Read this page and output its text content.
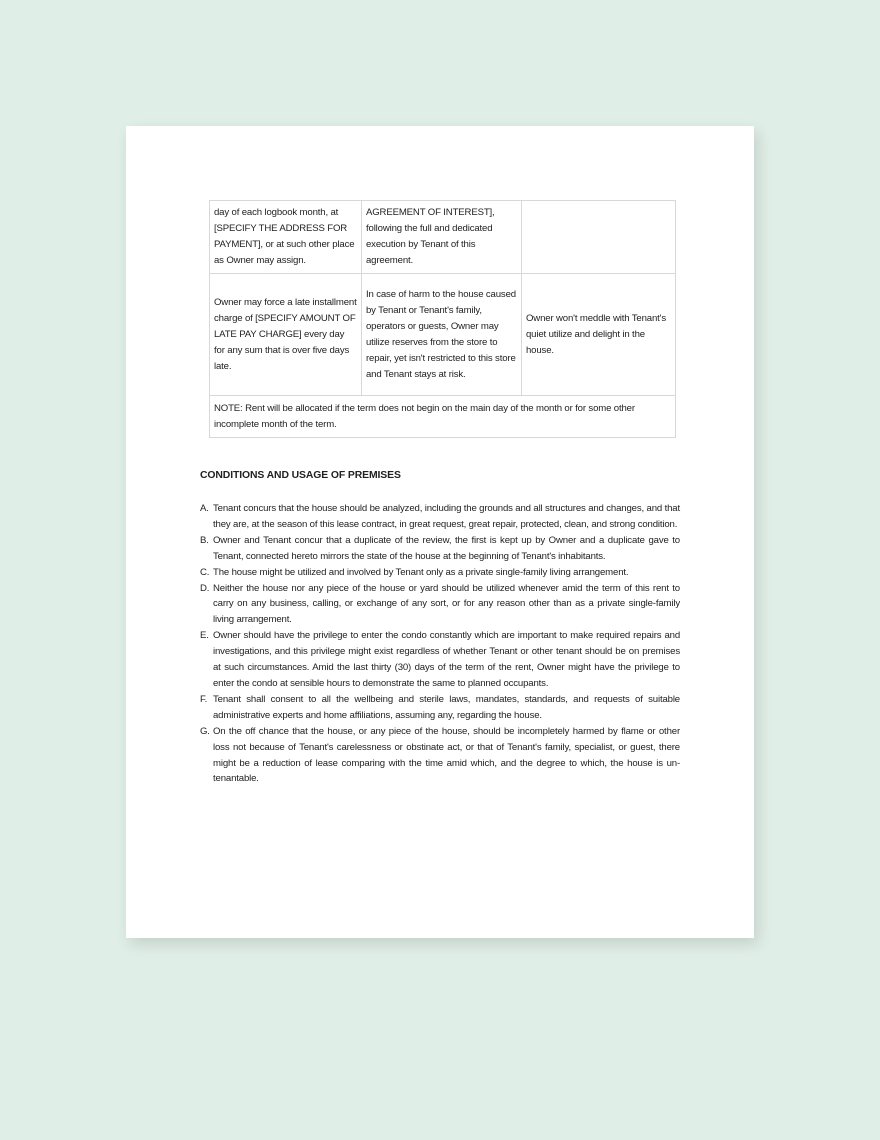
day of each logbook month, at [SPECIFY THE ADDRESS FOR PAYMENT], or at such other place as Owner may assign.	AGREEMENT OF INTEREST], following the full and dedicated execution by Tenant of this agreement.	
Owner may force a late installment charge of [SPECIFY AMOUNT OF LATE PAY CHARGE] every day for any sum that is over five days late.	In case of harm to the house caused by Tenant or Tenant's family, operators or guests, Owner may utilize reserves from the store to repair, yet isn't restricted to this store and Tenant stays at risk.	Owner won't meddle with Tenant's quiet utilize and delight in the house.
NOTE: Rent will be allocated if the term does not begin on the main day of the month or for some other incomplete month of the term.		
CONDITIONS AND USAGE OF PREMISES
A. Tenant concurs that the house should be analyzed, including the grounds and all structures and changes, and that they are, at the season of this lease contract, in great request, great repair, protected, clean, and strong condition.
B. Owner and Tenant concur that a duplicate of the review, the first is kept up by Owner and a duplicate gave to Tenant, connected hereto mirrors the state of the house at the beginning of Tenant's inhabitants.
C. The house might be utilized and involved by Tenant only as a private single-family living arrangement.
D. Neither the house nor any piece of the house or yard should be utilized whenever amid the term of this rent to carry on any business, calling, or exchange of any sort, or for any reason other than as a private single-family living arrangement.
E. Owner should have the privilege to enter the condo constantly which are important to make required repairs and investigations, and this privilege might exist regardless of whether Tenant or other tenant should be on premises at such circumstances. Amid the last thirty (30) days of the term of the rent, Owner might have the privilege to enter the condo at sensible hours to demonstrate the same to planned occupants.
F. Tenant shall consent to all the wellbeing and sterile laws, mandates, standards, and requests of suitable administrative experts and home affiliations, assuming any, regarding the house.
G. On the off chance that the house, or any piece of the house, should be incompletely harmed by flame or other loss not because of Tenant's carelessness or obstinate act, or that of Tenant's family, specialist, or guest, there might be a reduction of lease comparing with the time amid which, and the degree to which, the house is un-tenantable.
